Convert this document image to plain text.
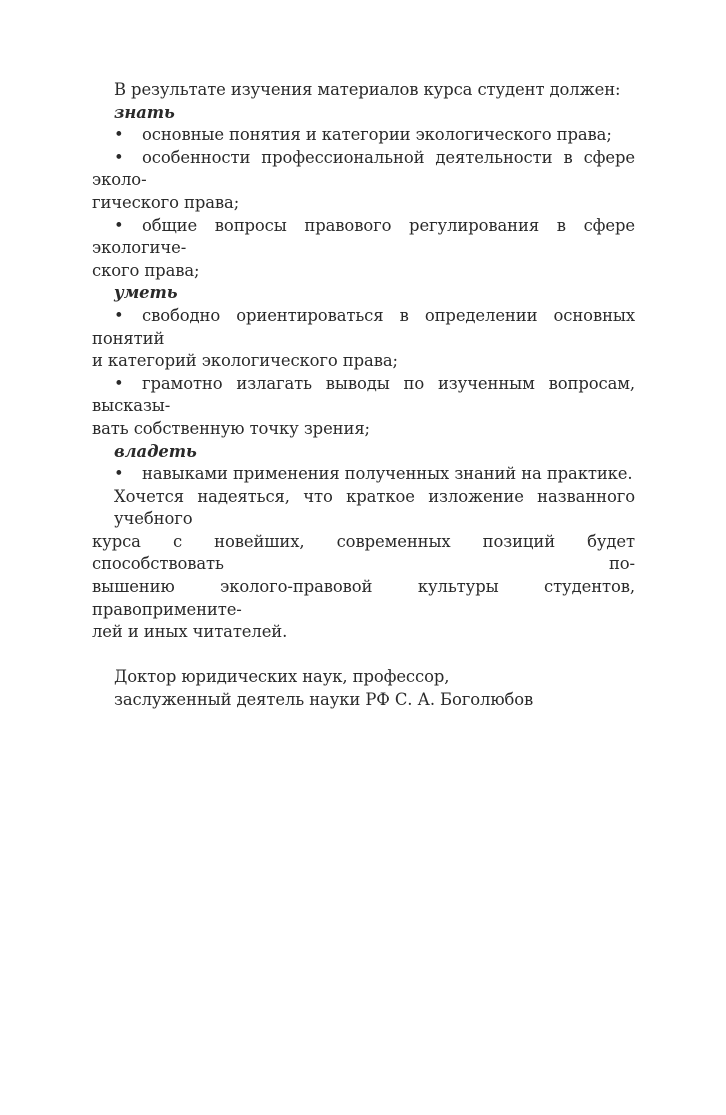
В результате изучения материалов курса студент должен:

знать

• основные понятия и категории экологического права;

• особенности профессиональной деятельности в сфере эколо-
гического права;

• общие вопросы правового регулирования в сфере экологиче-
ского права;

уметь

• свободно ориентироваться в определении основных понятий
и категорий экологического права;

• грамотно излагать выводы по изученным вопросам, высказы-
вать собственную точку зрения;

владеть

• навыками применения полученных знаний на практике.

Хочется надеяться, что краткое изложение названного учебного
курса с новейших, современных позиций будет способствовать по-
вышению эколого-правовой культуры студентов, правопримените-
лей и иных читателей.

Доктор юридических наук, профессор,

заслуженный деятель науки РФ С. А. Боголюбов
